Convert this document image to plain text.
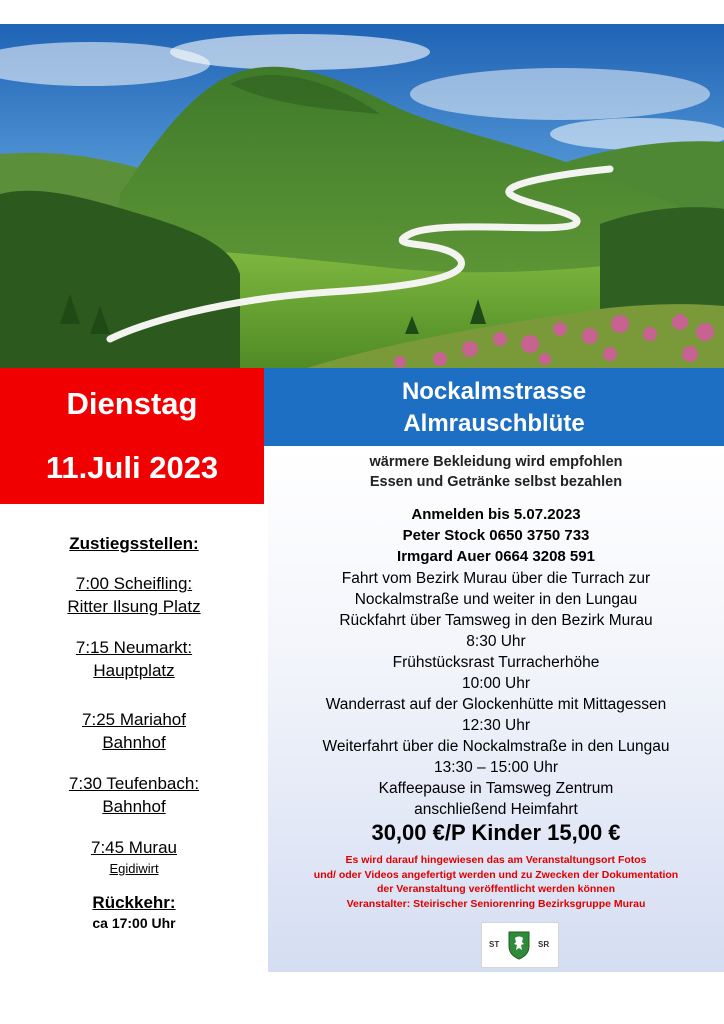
Dienstag
11.Juli 2023
Nockalmstrasse
Almrauschblüte
wärmere Bekleidung wird empfohlen
Essen und Getränke selbst bezahlen
Anmelden bis 5.07.2023
Peter Stock 0650 3750 733
Irmgard Auer 0664 3208 591
Fahrt vom Bezirk Murau über die Turrach zur
Nockalmstraße und weiter in den Lungau
Rückfahrt über Tamsweg in den Bezirk Murau
8:30 Uhr
Frühstücksrast Turracherhöhe
10:00 Uhr
Wanderrast auf der Glockenhütte mit Mittagessen
12:30 Uhr
Weiterfahrt über die Nockalmstraße in den Lungau
13:30 – 15:00 Uhr
Kaffeepause in Tamsweg Zentrum
anschließend Heimfahrt
30,00 €/P Kinder 15,00 €
Es wird darauf hingewiesen das am Veranstaltungsort Fotos
und/ oder Videos angefertigt werden und zu Zwecken der Dokumentation
der Veranstaltung veröffentlicht werden können
Veranstalter: Steirischer Seniorenring Bezirksgruppe Murau
ST	SR
Zustiegsstellen:
7:00 Scheifling:
Ritter Ilsung Platz
7:15 Neumarkt:
Hauptplatz
7:25 Mariahof
Bahnhof
7:30 Teufenbach:
Bahnhof
7:45 Murau
Egidiwirt
Rückkehr:
ca 17:00 Uhr
